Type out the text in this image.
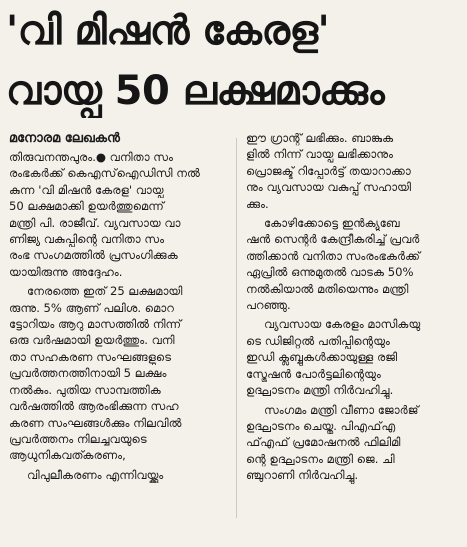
'വി മിഷൻ കേരള'
വായ്പ 50 ലക്ഷമാക്കും
മനോരമ ലേഖകൻ
തിരുവനന്തപുരം.● വനിതാ സം
രംഭകർക്ക് കെഎസ്ഐഡിസി നൽ
കുന്ന 'വി മിഷൻ കേരള' വായ്പ
50 ലക്ഷമാക്കി ഉയർത്തുമെന്ന്
മന്ത്രി പി. രാജീവ്. വ്യവസായ വാ
ണിജ്യ വകുപ്പിന്റെ വനിതാ സം
രംഭ സംഗമത്തിൽ പ്രസംഗിക്കുക
യായിരുന്നു അദ്ദേഹം.
നേരത്തെ ഇത് 25 ലക്ഷമായി
രുന്നു. 5% ആണ് പലിശ. മൊറ
ട്ടോറിയം ആറു മാസത്തിൽ നിന്ന്
ഒരു വർഷമായി ഉയർത്തും. വനി
താ സഹകരണ സംഘങ്ങളുടെ
പ്രവർത്തനത്തിനായി 5 ലക്ഷം
നൽകും. പുതിയ സാമ്പത്തിക
വർഷത്തിൽ ആരംഭിക്കുന്ന സഹ
കരണ സംഘങ്ങൾക്കും നിലവിൽ
പ്രവർത്തനം നിലച്ചവയുടെ
ആധുനികവത്കരണം,
വിപുലീകരണം എന്നിവയ്ക്കും
ഈ ഗ്രാന്റ് ലഭിക്കും. ബാങ്കുക
ളിൽ നിന്ന് വായ്പ ലഭിക്കാനും
പ്രൊജക്ട് റിപ്പോർട്ട് തയാറാക്കാ
നും വ്യവസായ വകുപ്പ് സഹായി
ക്കും.
കോഴിക്കോട്ടെ ഇൻക്യുബേ
ഷൻ സെന്റർ കേന്ദ്രീകരിച്ച് പ്രവർ
ത്തിക്കാൻ വനിതാ സംരംഭകർക്ക്
ഏപ്രിൽ ഒന്നുമുതൽ വാടക 50%
നൽകിയാൽ മതിയെന്നും മന്ത്രി
പറഞ്ഞു.
വ്യവസായ കേരളം മാസികയു
ടെ ഡിജിറ്റൽ പതിപ്പിന്റെയും
ഇഡി ക്ലബ്ബുകൾക്കായുള്ള രജി
സ്ട്രേഷൻ പോർട്ടലിന്റെയും
ഉദ്ഘാടനം മന്ത്രി നിർവഹിച്ചു.
സംഗമം മന്ത്രി വീണാ ജോർജ്
ഉദ്ഘാടനം ചെയ്തു. പിഎഫ്എ
ഫ്എഫ് പ്രമോഷനൽ ഫിലിമി
ന്റെ ഉദ്ഘാടനം മന്ത്രി ജെ. ചി
ഞ്ചുറാണി നിർവഹിച്ചു.
